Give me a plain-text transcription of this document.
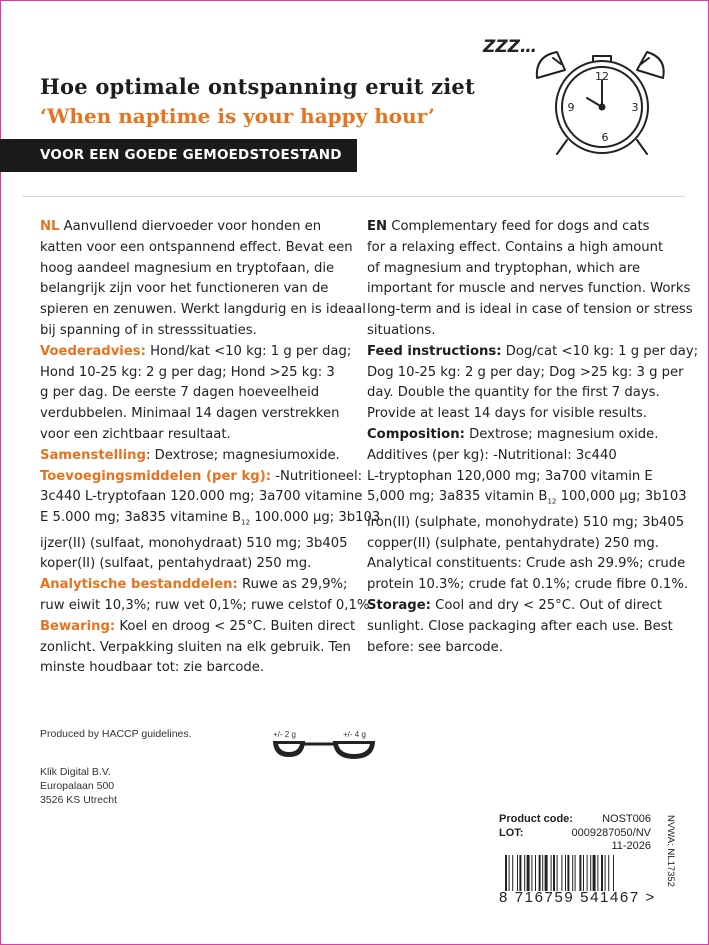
ZZZ…
12
3
6
9
Hoe optimale ontspanning eruit ziet
‘When naptime is your happy hour’
VOOR EEN GOEDE GEMOEDSTOESTAND
NL Aanvullend diervoeder voor honden en
katten voor een ontspannend effect. Bevat een
hoog aandeel magnesium en tryptofaan, die
belangrijk zijn voor het functioneren van de
spieren en zenuwen. Werkt langdurig en is ideaal
bij spanning of in stresssituaties.
Voederadvies: Hond/kat <10 kg: 1 g per dag;
Hond 10-25 kg: 2 g per dag; Hond >25 kg: 3
g per dag. De eerste 7 dagen hoeveelheid
verdubbelen. Minimaal 14 dagen verstrekken
voor een zichtbaar resultaat.
Samenstelling: Dextrose; magnesiumoxide.
Toevoegingsmiddelen (per kg): -Nutritioneel:
3c440 L-tryptofaan 120.000 mg; 3a700 vitamine
E 5.000 mg; 3a835 vitamine $B_{12}$ 100.000 µg; 3b103
ijzer(II) (sulfaat, monohydraat) 510 mg; 3b405
koper(II) (sulfaat, pentahydraat) 250 mg.
Analytische bestanddelen: Ruwe as 29,9%;
ruw eiwit 10,3%; ruw vet 0,1%; ruwe celstof 0,1%.
Bewaring: Koel en droog < 25°C. Buiten direct
zonlicht. Verpakking sluiten na elk gebruik. Ten
minste houdbaar tot: zie barcode.
EN Complementary feed for dogs and cats
for a relaxing effect. Contains a high amount
of magnesium and tryptophan, which are
important for muscle and nerves function. Works
long-term and is ideal in case of tension or stress
situations.
Feed instructions: Dog/cat <10 kg: 1 g per day;
Dog 10-25 kg: 2 g per day; Dog >25 kg: 3 g per
day. Double the quantity for the first 7 days.
Provide at least 14 days for visible results.
Composition: Dextrose; magnesium oxide.
Additives (per kg): -Nutritional: 3c440
L-tryptophan 120,000 mg; 3a700 vitamin E
5,000 mg; 3a835 vitamin $B_{12}$ 100,000 µg; 3b103
iron(II) (sulphate, monohydrate) 510 mg; 3b405
copper(II) (sulphate, pentahydrate) 250 mg.
Analytical constituents: Crude ash 29.9%; crude
protein 10.3%; crude fat 0.1%; crude fibre 0.1%.
Storage: Cool and dry < 25°C. Out of direct
sunlight. Close packaging after each use. Best
before: see barcode.
Produced by HACCP guidelines.	+/- 2 g	+/- 4 g
Klik Digital B.V.
Europalaan 500
3526 KS Utrecht
Product code:	NOST006
LOT:	0009287050/NV
11-2026 NVWA: NL17352
8 716759 541467 >
